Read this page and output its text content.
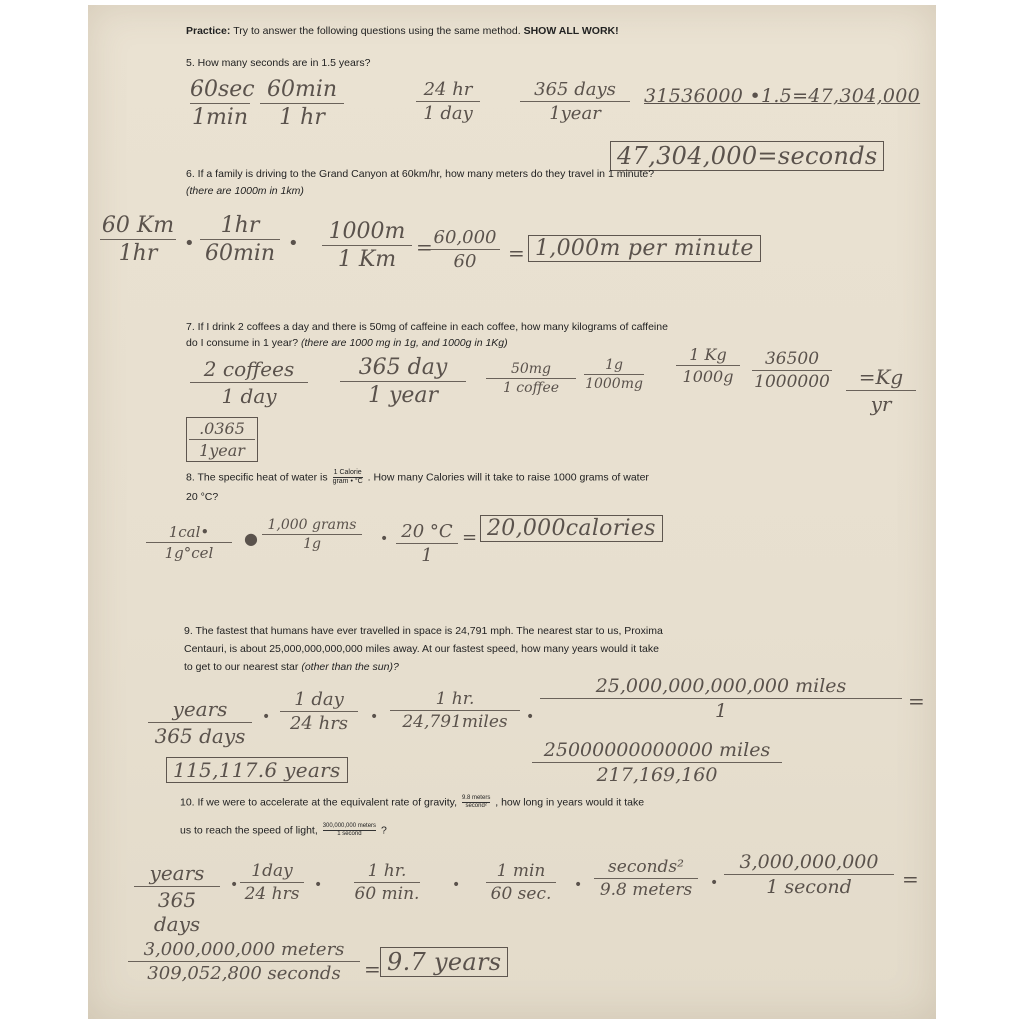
Practice: Try to answer the following questions using the same method. SHOW ALL WORK!
5. How many seconds are in 1.5 years?
60sec
1min
60min
1 hr
24 hr
1 day
365 days
1year
31536000 •1.5=47,304,000
47,304,000=seconds
6. If a family is driving to the Grand Canyon at 60km/hr, how many meters do they travel in 1 minute?
(there are 1000m in 1km)
60 Km
1hr	•
1hr
60min • 1000m
1 Km = 60,000
60	= 1,000m per minute
7. If I drink 2 coffees a day and there is 50mg of caffeine in each coffee, how many kilograms of caffeine
do I consume in 1 year? (there are 1000 mg in 1g, and 1000g in 1Kg)
2 coffees
1 day
365 day
1 year
50mg
1 coffee
1g
1000mg
1 Kg
1000g
36500
1000000	=Kg
yr
.0365
1year
8. The specific heat of water is 1 Calorie
gram • °C . How many Calories will it take to raise 1000 grams of water
20 °C?
1cal•
1g°cel
●
1,000 grams
1g	• 20 °C
1
= 20,000calories
9. The fastest that humans have ever travelled in space is 24,791 mph. The nearest star to us, Proxima
Centauri, is about 25,000,000,000,000 miles away. At our fastest speed, how many years would it take
to get to our nearest star (other than the sun)?
years
365 days
•
1 day
24 hrs	•
1 hr.
24,791miles	•
25,000,000,000,000 miles
1	=
25000000000000 miles
217,169,160
115,117.6 years
10. If we were to accelerate at the equivalent rate of gravity, 9.8 meters
second² , how long in years would it take
us to reach the speed of light, 300,000,000 meters
1 second	?
years
365 days
•
1day
24 hrs	•
1 hr.
60 min. •
1 min
60 sec.	•
seconds²
9.8 meters	•
3,000,000,000
1 second	=
3,000,000,000 meters
309,052,800 seconds	= 9.7 years
